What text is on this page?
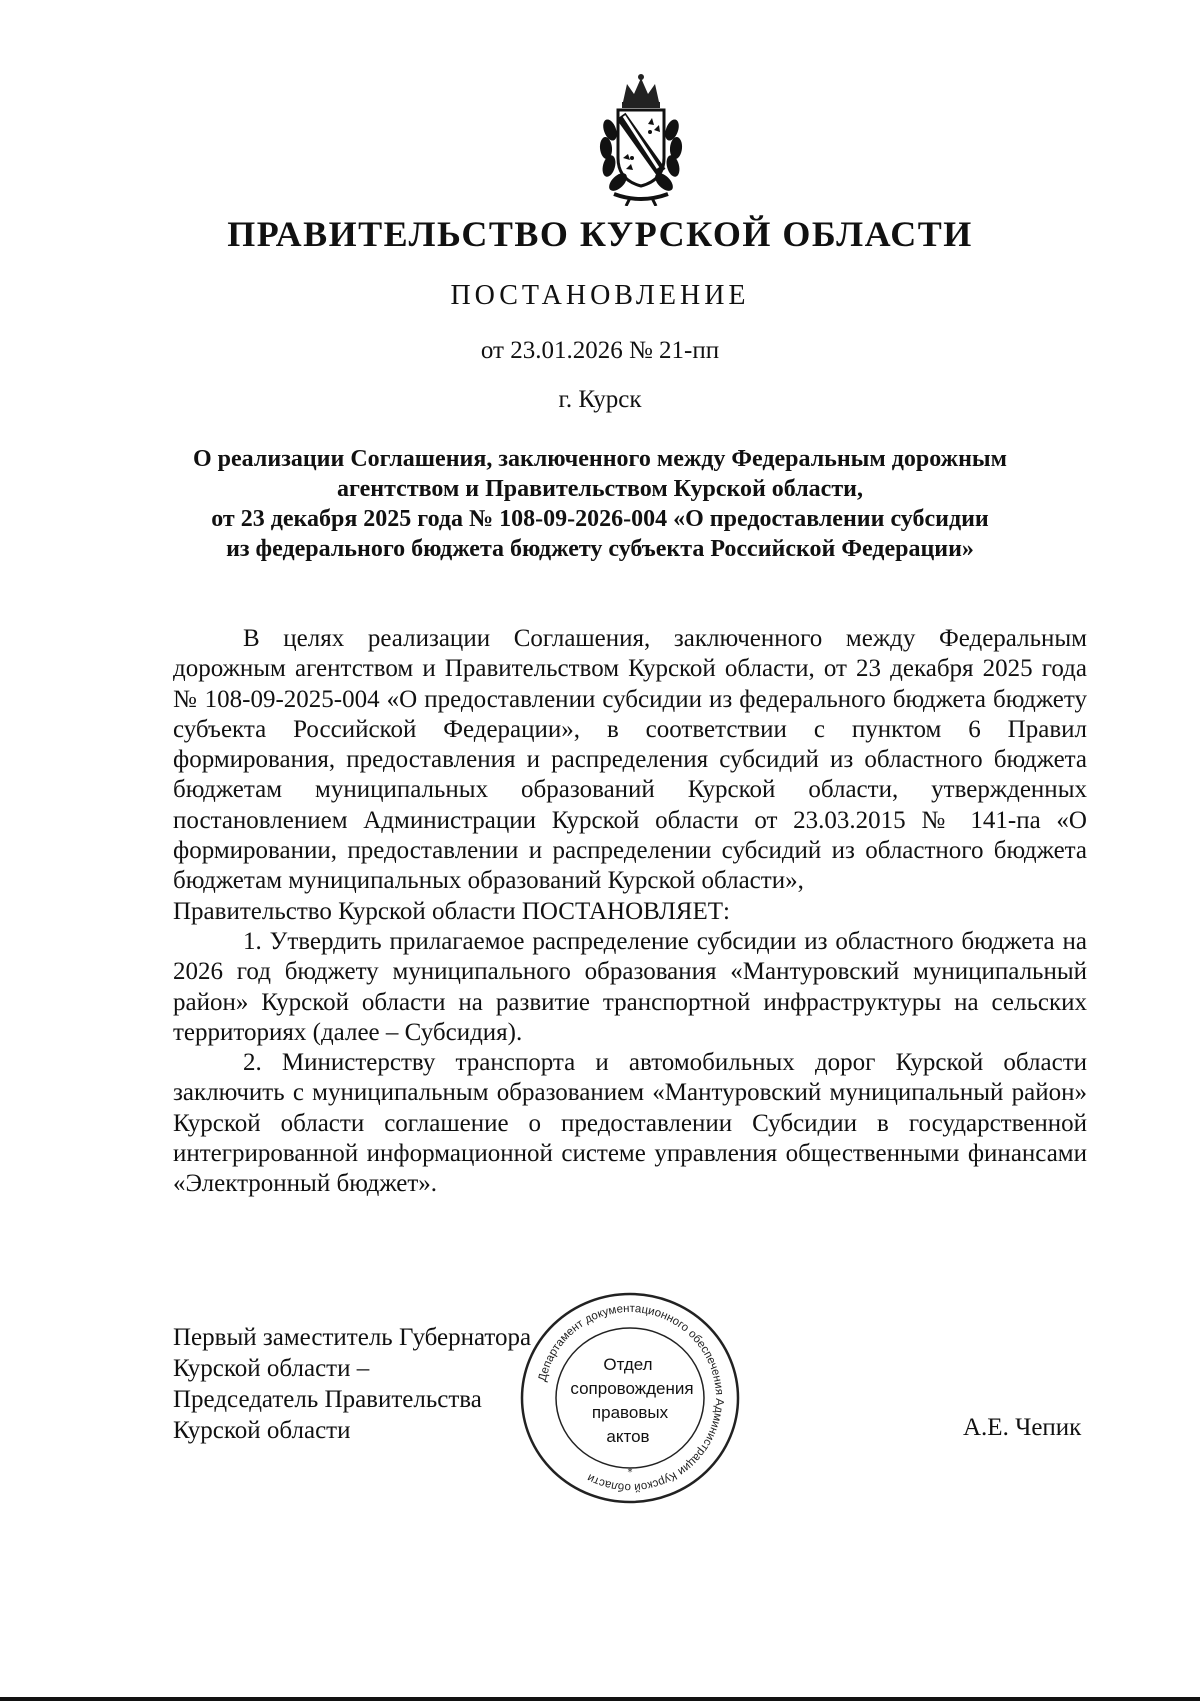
ПРАВИТЕЛЬСТВО КУРСКОЙ ОБЛАСТИ
ПОСТАНОВЛЕНИЕ
от 23.01.2026 № 21-пп
г. Курск
О реализации Соглашения, заключенного между Федеральным дорожным
агентством и Правительством Курской области,
от 23 декабря 2025 года № 108-09-2026-004 «О предоставлении субсидии
из федерального бюджета бюджету субъекта Российской Федерации»

В целях реализации Соглашения, заключенного между Федеральным дорожным агентством и Правительством Курской области, от 23 декабря 2025 года № 108-09-2025-004 «О предоставлении субсидии из федерального бюджета бюджету субъекта Российской Федерации», в соответствии с пунктом 6 Правил формирования, предоставления и распределения субсидий из областного бюджета бюджетам муниципальных образований Курской области, утвержденных постановлением Администрации Курской области от 23.03.2015 № 141-па «О формировании, предоставлении и распределении субсидий из областного бюджета бюджетам муниципальных образований Курской области»,

Правительство Курской области ПОСТАНОВЛЯЕТ:

1. Утвердить прилагаемое распределение субсидии из областного бюджета на 2026 год бюджету муниципального образования «Мантуровский муниципальный район» Курской области на развитие транспортной инфраструктуры на сельских территориях (далее – Субсидия).

2. Министерству транспорта и автомобильных дорог Курской области заключить с муниципальным образованием «Мантуровский муниципальный район» Курской области соглашение о предоставлении Субсидии в государственной интегрированной информационной системе управления общественными финансами «Электронный бюджет».

Первый заместитель Губернатора
Курской области –
Председатель Правительства
Курской области
Департамент документационного обеспечения Администрации Курской области	*
Отдел
сопровождения
правовых
актов	А.Е. Чепик
